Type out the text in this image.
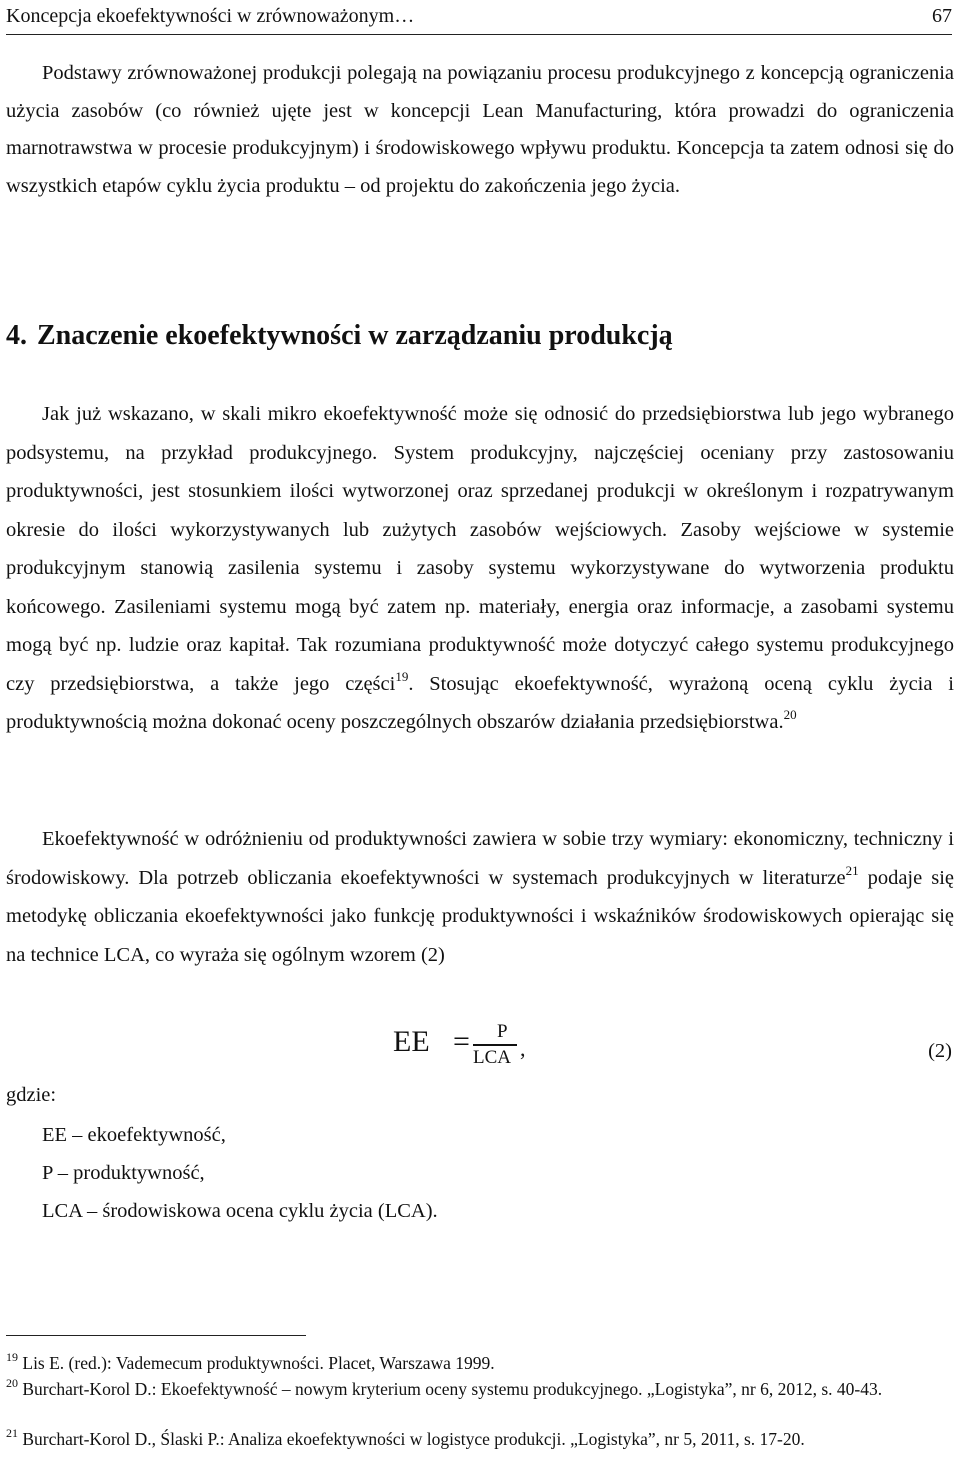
Koncepcja ekoefektywności w zrównoważonym…	67

Podstawy zrównoważonej produkcji polegają na powiązaniu procesu produkcyjnego z koncepcją ograniczenia użycia zasobów (co również ujęte jest w koncepcji Lean Manufacturing, która prowadzi do ograniczenia marnotrawstwa w procesie produkcyjnym) i środowiskowego wpływu produktu. Koncepcja ta zatem odnosi się do wszystkich etapów cyklu życia produktu – od projektu do zakończenia jego życia.

4. Znaczenie ekoefektywności w zarządzaniu produkcją

Jak już wskazano, w skali mikro ekoefektywność może się odnosić do przedsiębiorstwa lub jego wybranego podsystemu, na przykład produkcyjnego. System produkcyjny, najczęściej oceniany przy zastosowaniu produktywności, jest stosunkiem ilości wytworzonej oraz sprzedanej produkcji w określonym i rozpatrywanym okresie do ilości wykorzystywanych lub zużytych zasobów wejściowych. Zasoby wejściowe w systemie produkcyjnym stanowią zasilenia systemu i zasoby systemu wykorzystywane do wytworzenia produktu końcowego. Zasileniami systemu mogą być zatem np. materiały, energia oraz informacje, a zasobami systemu mogą być np. ludzie oraz kapitał. Tak rozumiana produktywność może dotyczyć całego systemu produkcyjnego czy przedsiębiorstwa, a także jego części$^{19}$. Stosując ekoefektywność, wyrażoną oceną cyklu życia i produktywnością można dokonać oceny poszczególnych obszarów działania przedsiębiorstwa.$^{20}$

Ekoefektywność w odróżnieniu od produktywności zawiera w sobie trzy wymiary: ekonomiczny, techniczny i środowiskowy. Dla potrzeb obliczania ekoefektywności w systemach produkcyjnych w literaturze$^{21}$ podaje się metodykę obliczania ekoefektywności jako funkcję produktywności i wskaźników środowiskowych opierając się na technice LCA, co wyraża się ogólnym wzorem (2)

EE = P
LCA ,	(2)
gdzie:
EE – ekoefektywność,
P – produktywność,
LCA – środowiskowa ocena cyklu życia (LCA).

$^{19}$ Lis E. (red.): Vademecum produktywności. Placet, Warszawa 1999.

$^{20}$ Burchart-Korol D.: Ekoefektywność – nowym kryterium oceny systemu produkcyjnego. „Logistyka”, nr 6, 2012, s. 40-43.

$^{21}$ Burchart-Korol D., Ślaski P.: Analiza ekoefektywności w logistyce produkcji. „Logistyka”, nr 5, 2011, s. 17-20.
